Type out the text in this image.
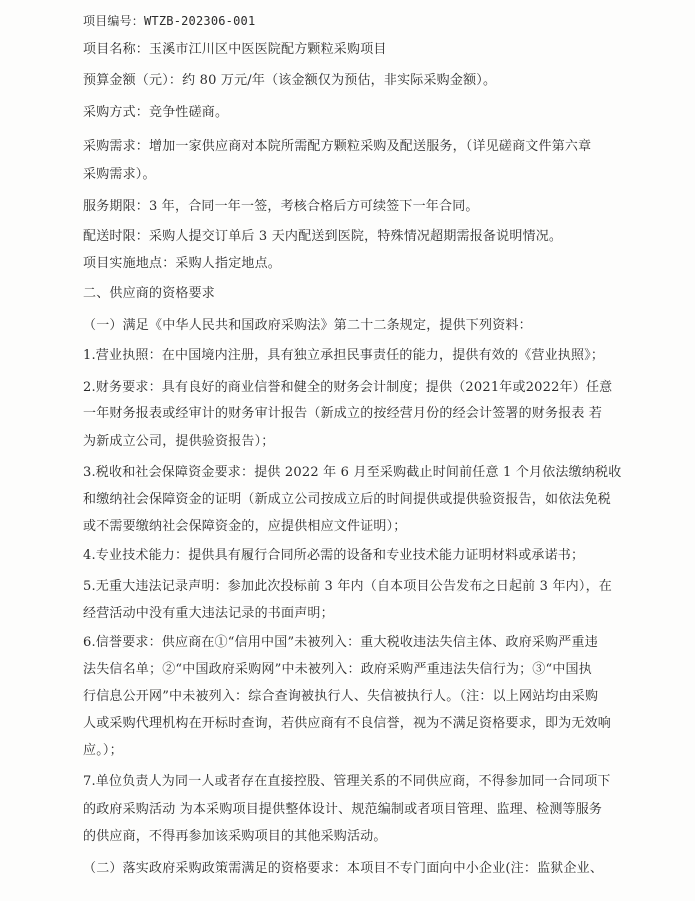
项目编号：WTZB-202306-001
项目名称：玉溪市江川区中医医院配方颗粒采购项目
预算金额（元）：约 80 万元/年（该金额仅为预估，非实际采购金额）。
采购方式：竞争性磋商。
采购需求：增加一家供应商对本院所需配方颗粒采购及配送服务，（详见磋商文件第六章
采购需求）。
服务期限：3 年，合同一年一签，考核合格后方可续签下一年合同。
配送时限：采购人提交订单后 3 天内配送到医院，特殊情况超期需报备说明情况。
项目实施地点：采购人指定地点。
二、供应商的资格要求
（一）满足《中华人民共和国政府采购法》第二十二条规定，提供下列资料：
1.营业执照：在中国境内注册，具有独立承担民事责任的能力，提供有效的《营业执照》；
2.财务要求：具有良好的商业信誉和健全的财务会计制度；提供（2021年或2022年）任意
一年财务报表或经审计的财务审计报告（新成立的按经营月份的经会计签署的财务报表 若
为新成立公司，提供验资报告）；
3.税收和社会保障资金要求：提供 2022 年 6 月至采购截止时间前任意 1 个月依法缴纳税收
和缴纳社会保障资金的证明（新成立公司按成立后的时间提供或提供验资报告，如依法免税
或不需要缴纳社会保障资金的，应提供相应文件证明）；
4.专业技术能力：提供具有履行合同所必需的设备和专业技术能力证明材料或承诺书；
5.无重大违法记录声明：参加此次投标前 3 年内（自本项目公告发布之日起前 3 年内），在
经营活动中没有重大违法记录的书面声明；
6.信誉要求：供应商在①“信用中国”未被列入：重大税收违法失信主体、政府采购严重违
法失信名单；②“中国政府采购网”中未被列入：政府采购严重违法失信行为；③“中国执
行信息公开网”中未被列入：综合查询被执行人、失信被执行人。（注：以上网站均由采购
人或采购代理机构在开标时查询，若供应商有不良信誉，视为不满足资格要求，即为无效响
应。）；
7.单位负责人为同一人或者存在直接控股、管理关系的不同供应商，不得参加同一合同项下
的政府采购活动 为本采购项目提供整体设计、规范编制或者项目管理、监理、检测等服务
的供应商，不得再参加该采购项目的其他采购活动。
（二）落实政府采购政策需满足的资格要求：本项目不专门面向中小企业(注：监狱企业、
